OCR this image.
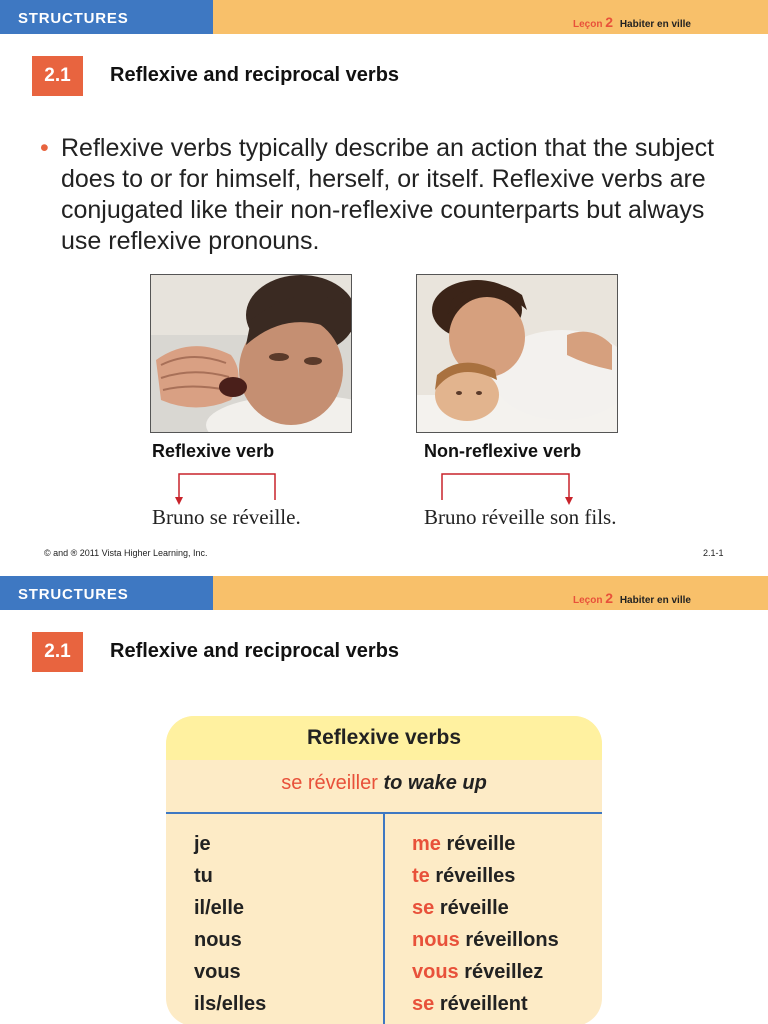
STRUCTURES	Leçon 2 Habiter en ville
2.1	Reflexive and reciprocal verbs
• Reflexive verbs typically describe an action that the subject does to or for himself, herself, or itself. Reflexive verbs are conjugated like their non-reflexive counterparts but always use reflexive pronouns.
Reflexive verb	Non-reflexive verb
Bruno se réveille.	Bruno réveille son fils.
© and ® 2011 Vista Higher Learning, Inc.	2.1-1
STRUCTURES	Leçon 2 Habiter en ville
2.1	Reflexive and reciprocal verbs
Reflexive verbs
se réveiller to wake up
je	me réveille
tu	te réveilles
il/elle	se réveille
nous	nous réveillons
vous	vous réveillez
ils/elles	se réveillent
